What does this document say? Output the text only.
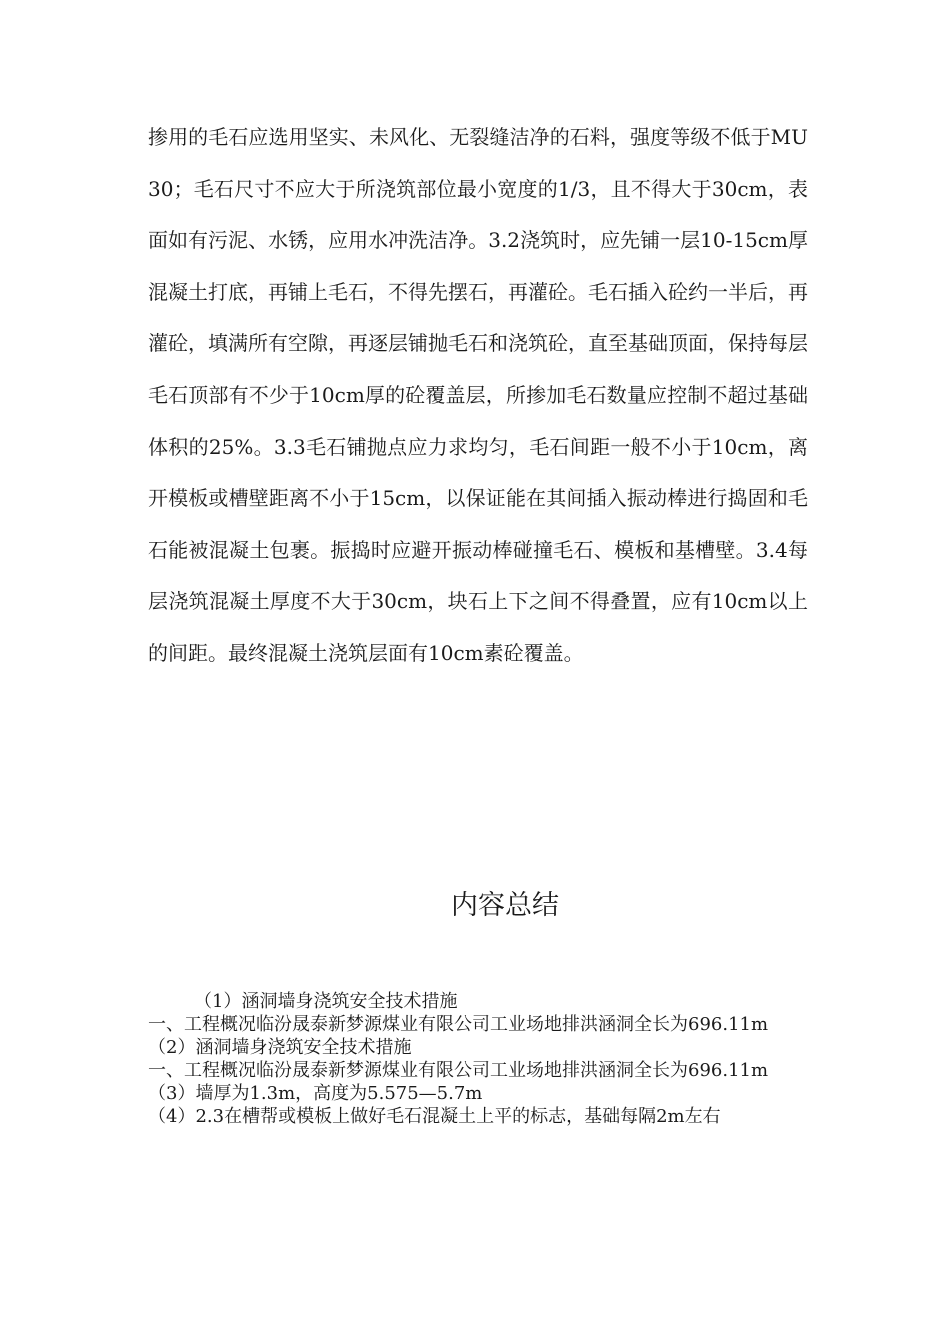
掺用的毛石应选用坚实、未风化、无裂缝洁净的石料，强度等级不低于MU30；毛石尺寸不应大于所浇筑部位最小宽度的1/3，且不得大于30cm，表面如有污泥、水锈，应用水冲洗洁净。3.2浇筑时，应先铺一层10-15cm厚混凝土打底，再铺上毛石，不得先摆石，再灌砼。毛石插入砼约一半后，再灌砼，填满所有空隙，再逐层铺抛毛石和浇筑砼，直至基础顶面，保持每层毛石顶部有不少于10cm厚的砼覆盖层，所掺加毛石数量应控制不超过基础体积的25%。3.3毛石铺抛点应力求均匀，毛石间距一般不小于10cm，离开模板或槽壁距离不小于15cm，以保证能在其间插入振动棒进行捣固和毛石能被混凝土包裹。振捣时应避开振动棒碰撞毛石、模板和基槽壁。3.4每层浇筑混凝土厚度不大于30cm，块石上下之间不得叠置，应有10cm以上的间距。最终混凝土浇筑层面有10cm素砼覆盖。

内容总结
（1）涵洞墙身浇筑安全技术措施
一、工程概况临汾晟泰新梦源煤业有限公司工业场地排洪涵洞全长为696.11m
（2）涵洞墙身浇筑安全技术措施
一、工程概况临汾晟泰新梦源煤业有限公司工业场地排洪涵洞全长为696.11m
（3）墙厚为1.3m，高度为5.575—5.7m
（4）2.3在槽帮或模板上做好毛石混凝土上平的标志，基础每隔2m左右
